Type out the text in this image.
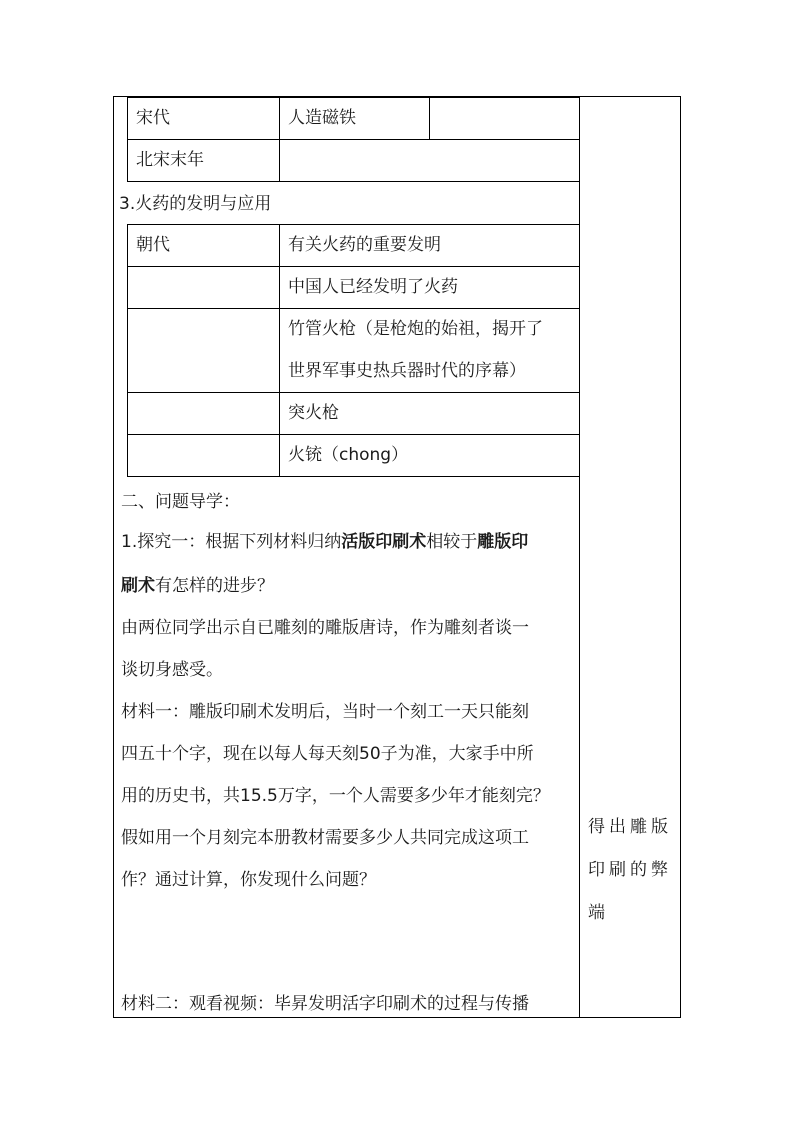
宋代	人造磁铁
北宋末年
3.火药的发明与应用
朝代	有关火药的重要发明
中国人已经发明了火药
竹管火枪（是枪炮的始祖，揭开了
世界军事史热兵器时代的序幕）
突火枪
火铳（chong）
二、问题导学：
1.探究一：根据下列材料归纳活版印刷术相较于雕版印
刷术有怎样的进步？
由两位同学出示自已雕刻的雕版唐诗，作为雕刻者谈一
谈切身感受。
材料一：雕版印刷术发明后，当时一个刻工一天只能刻
四五十个字，现在以每人每天刻50子为准，大家手中所
用的历史书，共15.5万字，一个人需要多少年才能刻完？
假如用一个月刻完本册教材需要多少人共同完成这项工
作？通过计算，你发现什么问题？
材料二：观看视频：毕昇发明活字印刷术的过程与传播
得出雕版印刷的弊端
